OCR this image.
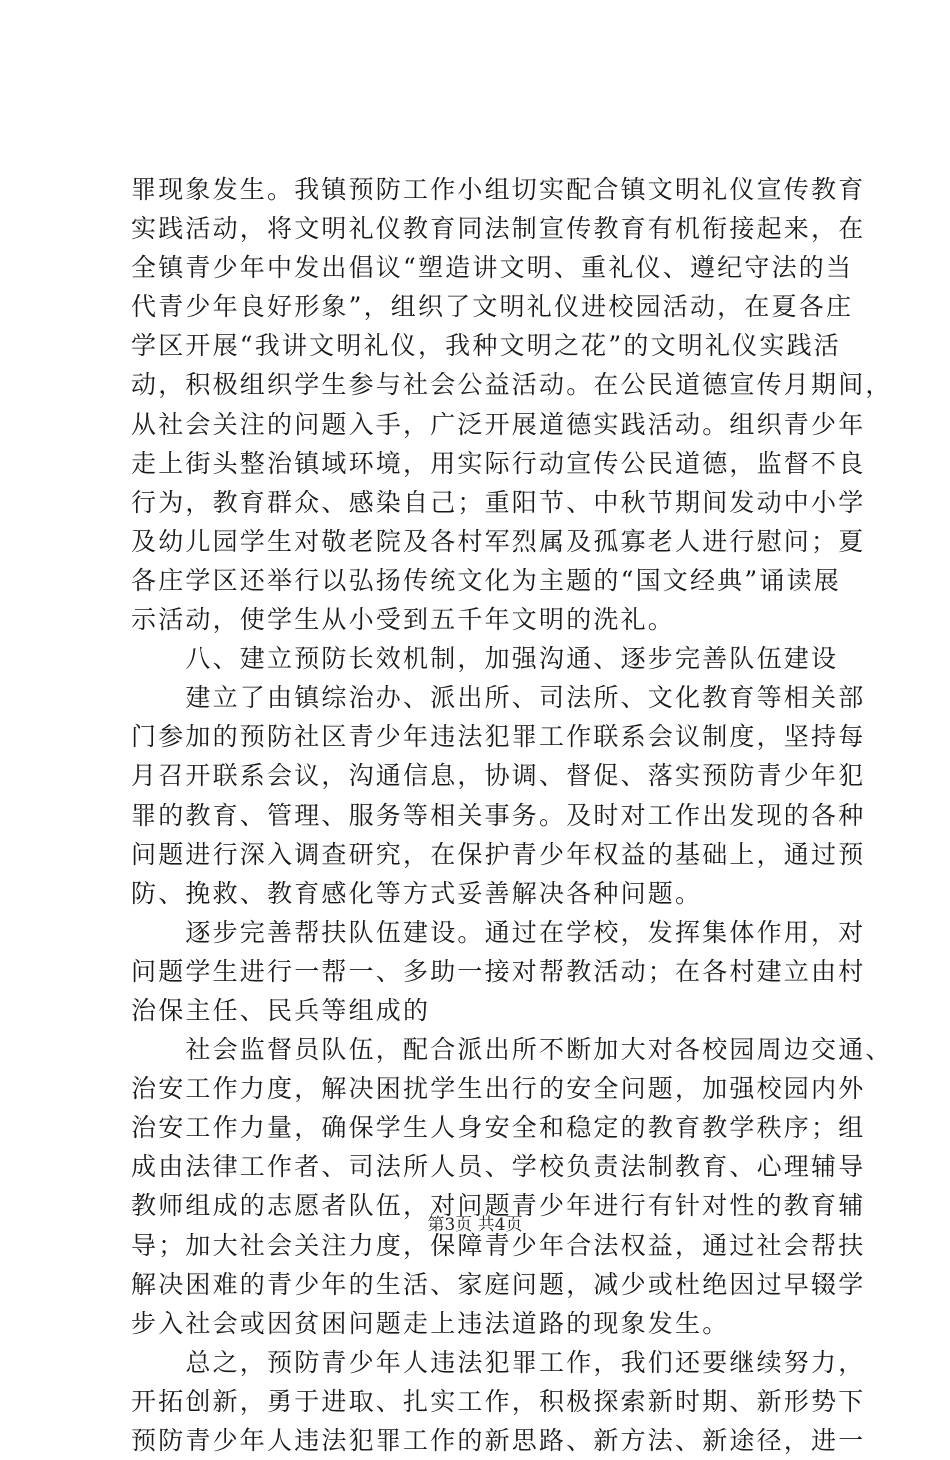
罪现象发生。我镇预防工作小组切实配合镇文明礼仪宣传教育
实践活动，将文明礼仪教育同法制宣传教育有机衔接起来，在
全镇青少年中发出倡议“塑造讲文明、重礼仪、遵纪守法的当
代青少年良好形象”，组织了文明礼仪进校园活动，在夏各庄
学区开展“我讲文明礼仪，我种文明之花”的文明礼仪实践活
动，积极组织学生参与社会公益活动。在公民道德宣传月期间，
从社会关注的问题入手，广泛开展道德实践活动。组织青少年
走上街头整治镇域环境，用实际行动宣传公民道德，监督不良
行为，教育群众、感染自己；重阳节、中秋节期间发动中小学
及幼儿园学生对敬老院及各村军烈属及孤寡老人进行慰问；夏
各庄学区还举行以弘扬传统文化为主题的“国文经典”诵读展
示活动，使学生从小受到五千年文明的洗礼。
　　八、建立预防长效机制，加强沟通、逐步完善队伍建设
　　建立了由镇综治办、派出所、司法所、文化教育等相关部
门参加的预防社区青少年违法犯罪工作联系会议制度，坚持每
月召开联系会议，沟通信息，协调、督促、落实预防青少年犯
罪的教育、管理、服务等相关事务。及时对工作出发现的各种
问题进行深入调查研究，在保护青少年权益的基础上，通过预
防、挽救、教育感化等方式妥善解决各种问题。
　　逐步完善帮扶队伍建设。通过在学校，发挥集体作用，对
问题学生进行一帮一、多助一接对帮教活动；在各村建立由村
治保主任、民兵等组成的
　　社会监督员队伍，配合派出所不断加大对各校园周边交通、
治安工作力度，解决困扰学生出行的安全问题，加强校园内外
治安工作力量，确保学生人身安全和稳定的教育教学秩序；组
成由法律工作者、司法所人员、学校负责法制教育、心理辅导
教师组成的志愿者队伍，对问题青少年进行有针对性的教育辅
导；加大社会关注力度，保障青少年合法权益，通过社会帮扶
解决困难的青少年的生活、家庭问题，减少或杜绝因过早辍学
步入社会或因贫困问题走上违法道路的现象发生。
　　总之，预防青少年人违法犯罪工作，我们还要继续努力，
开拓创新，勇于进取、扎实工作，积极探索新时期、新形势下
预防青少年人违法犯罪工作的新思路、新方法、新途径，进一
第3页 共4页
